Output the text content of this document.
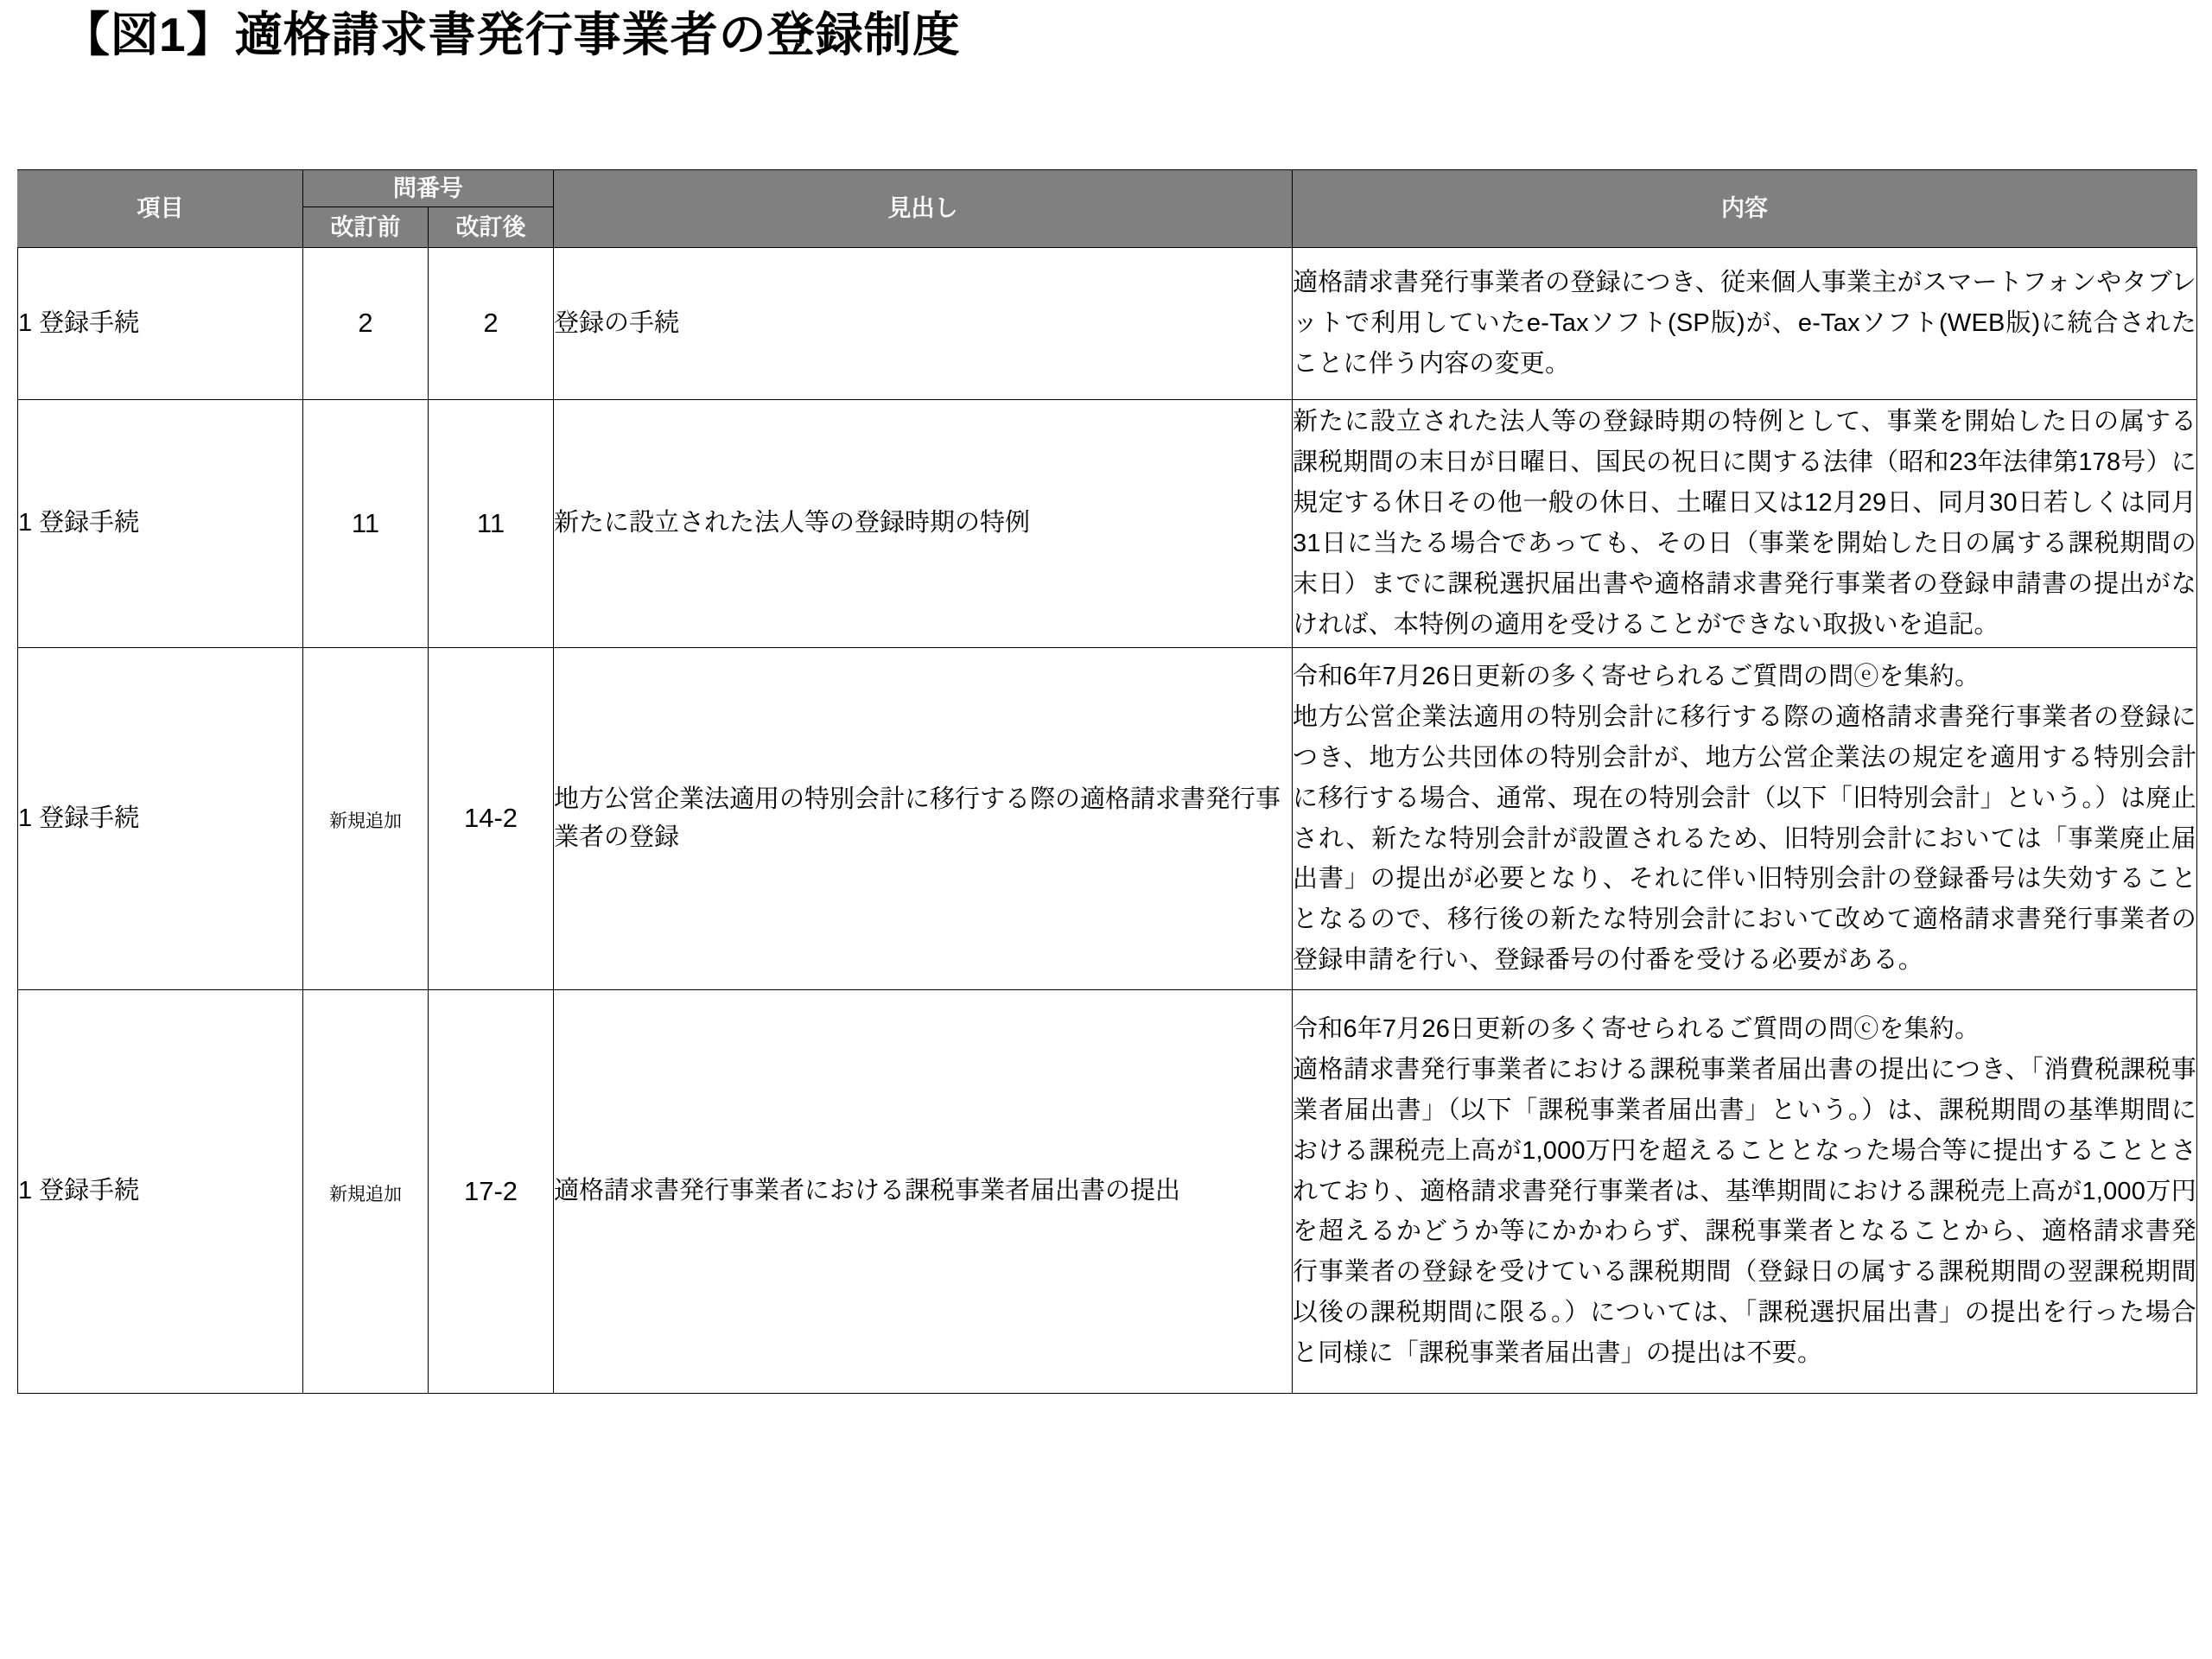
【図1】適格請求書発行事業者の登録制度
項目	問番号		見出し	内容
	改訂前	改訂後		
1 登録手続	2	2	登録の手続	適格請求書発行事業者の登録につき、従来個人事業主がスマートフォンやタブレットで利用していたe-Taxソフト(SP版)が、e-Taxソフト(WEB版)に統合されたことに伴う内容の変更。

1 登録手続	11	11	新たに設立された法人等の登録時期の特例	新たに設立された法人等の登録時期の特例として、事業を開始した日の属する課税期間の末日が日曜日、国民の祝日に関する法律（昭和23年法律第178号）に規定する休日その他一般の休日、土曜日又は12月29日、同月30日若しくは同月31日に当たる場合であっても、その日（事業を開始した日の属する課税期間の末日）までに課税選択届出書や適格請求書発行事業者の登録申請書の提出がなければ、本特例の適用を受けることができない取扱いを追記。

1 登録手続	新規追加	14-2	地方公営企業法適用の特別会計に移行する際の適格請求書発行事業者の登録	令和6年7月26日更新の多く寄せられるご質問の問ⓔを集約。
地方公営企業法適用の特別会計に移行する際の適格請求書発行事業者の登録につき、地方公共団体の特別会計が、地方公営企業法の規定を適用する特別会計に移行する場合、通常、現在の特別会計（以下「旧特別会計」という。）は廃止され、新たな特別会計が設置されるため、旧特別会計においては「事業廃止届出書」の提出が必要となり、それに伴い旧特別会計の登録番号は失効することとなるので、移行後の新たな特別会計において改めて適格請求書発行事業者の登録申請を行い、登録番号の付番を受ける必要がある。

1 登録手続	新規追加	17-2	適格請求書発行事業者における課税事業者届出書の提出	令和6年7月26日更新の多く寄せられるご質問の問ⓒを集約。
適格請求書発行事業者における課税事業者届出書の提出につき、「消費税課税事業者届出書」（以下「課税事業者届出書」という。）は、課税期間の基準期間における課税売上高が1,000万円を超えることとなった場合等に提出することとされており、適格請求書発行事業者は、基準期間における課税売上高が1,000万円を超えるかどうか等にかかわらず、課税事業者となることから、適格請求書発行事業者の登録を受けている課税期間（登録日の属する課税期間の翌課税期間以後の課税期間に限る。）については、「課税選択届出書」の提出を行った場合と同様に「課税事業者届出書」の提出は不要。
